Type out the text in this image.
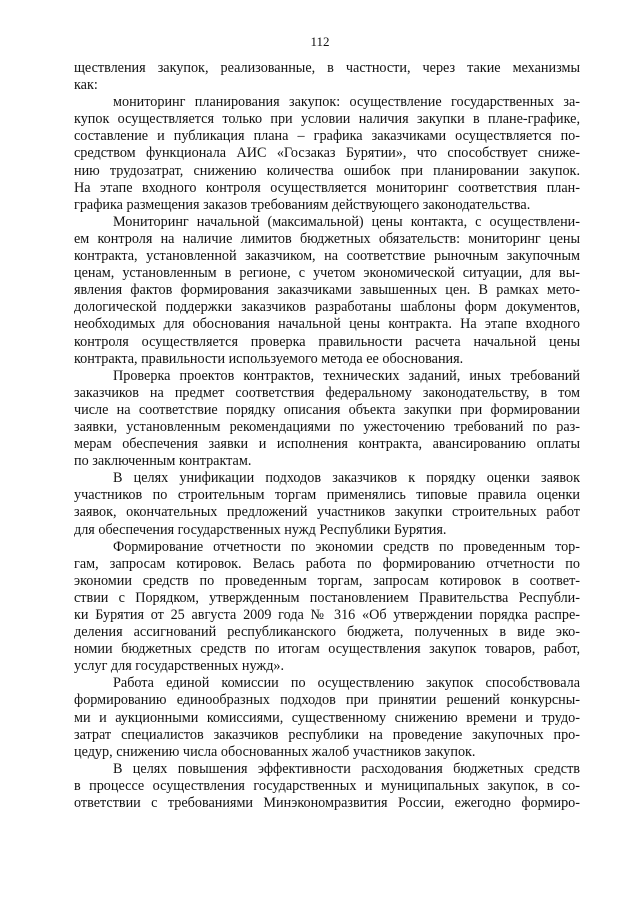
112
ществления закупок, реализованные, в частности, через такие механизмы
как:
мониторинг планирования закупок: осуществление государственных за-
купок осуществляется только при условии наличия закупки в плане-графике,
составление и публикация плана – графика заказчиками осуществляется по-
средством функционала АИС «Госзаказ Бурятии», что способствует сниже-
нию трудозатрат, снижению количества ошибок при планировании закупок.
На этапе входного контроля осуществляется мониторинг соответствия план-
графика размещения заказов требованиям действующего законодательства.
Мониторинг начальной (максимальной) цены контакта, с осуществлени-
ем контроля на наличие лимитов бюджетных обязательств: мониторинг цены
контракта, установленной заказчиком, на соответствие рыночным закупочным
ценам, установленным в регионе, с учетом экономической ситуации, для вы-
явления фактов формирования заказчиками завышенных цен. В рамках мето-
дологической поддержки заказчиков разработаны шаблоны форм документов,
необходимых для обоснования начальной цены контракта. На этапе входного
контроля осуществляется проверка правильности расчета начальной цены
контракта, правильности используемого метода ее обоснования.
Проверка проектов контрактов, технических заданий, иных требований
заказчиков на предмет соответствия федеральному законодательству, в том
числе на соответствие порядку описания объекта закупки при формировании
заявки, установленным рекомендациями по ужесточению требований по раз-
мерам обеспечения заявки и исполнения контракта, авансированию оплаты
по заключенным контрактам.
В целях унификации подходов заказчиков к порядку оценки заявок
участников по строительным торгам применялись типовые правила оценки
заявок, окончательных предложений участников закупки строительных работ
для обеспечения государственных нужд Республики Бурятия.
Формирование отчетности по экономии средств по проведенным тор-
гам, запросам котировок. Велась работа по формированию отчетности по
экономии средств по проведенным торгам, запросам котировок в соответ-
ствии с Порядком, утвержденным постановлением Правительства Республи-
ки Бурятия от 25 августа 2009 года № 316 «Об утверждении порядка распре-
деления ассигнований республиканского бюджета, полученных в виде эко-
номии бюджетных средств по итогам осуществления закупок товаров, работ,
услуг для государственных нужд».
Работа единой комиссии по осуществлению закупок способствовала
формированию единообразных подходов при принятии решений конкурсны-
ми и аукционными комиссиями, существенному снижению времени и трудо-
затрат специалистов заказчиков республики на проведение закупочных про-
цедур, снижению числа обоснованных жалоб участников закупок.
В целях повышения эффективности расходования бюджетных средств
в процессе осуществления государственных и муниципальных закупок, в со-
ответствии с требованиями Минэкономразвития России, ежегодно формиро-
